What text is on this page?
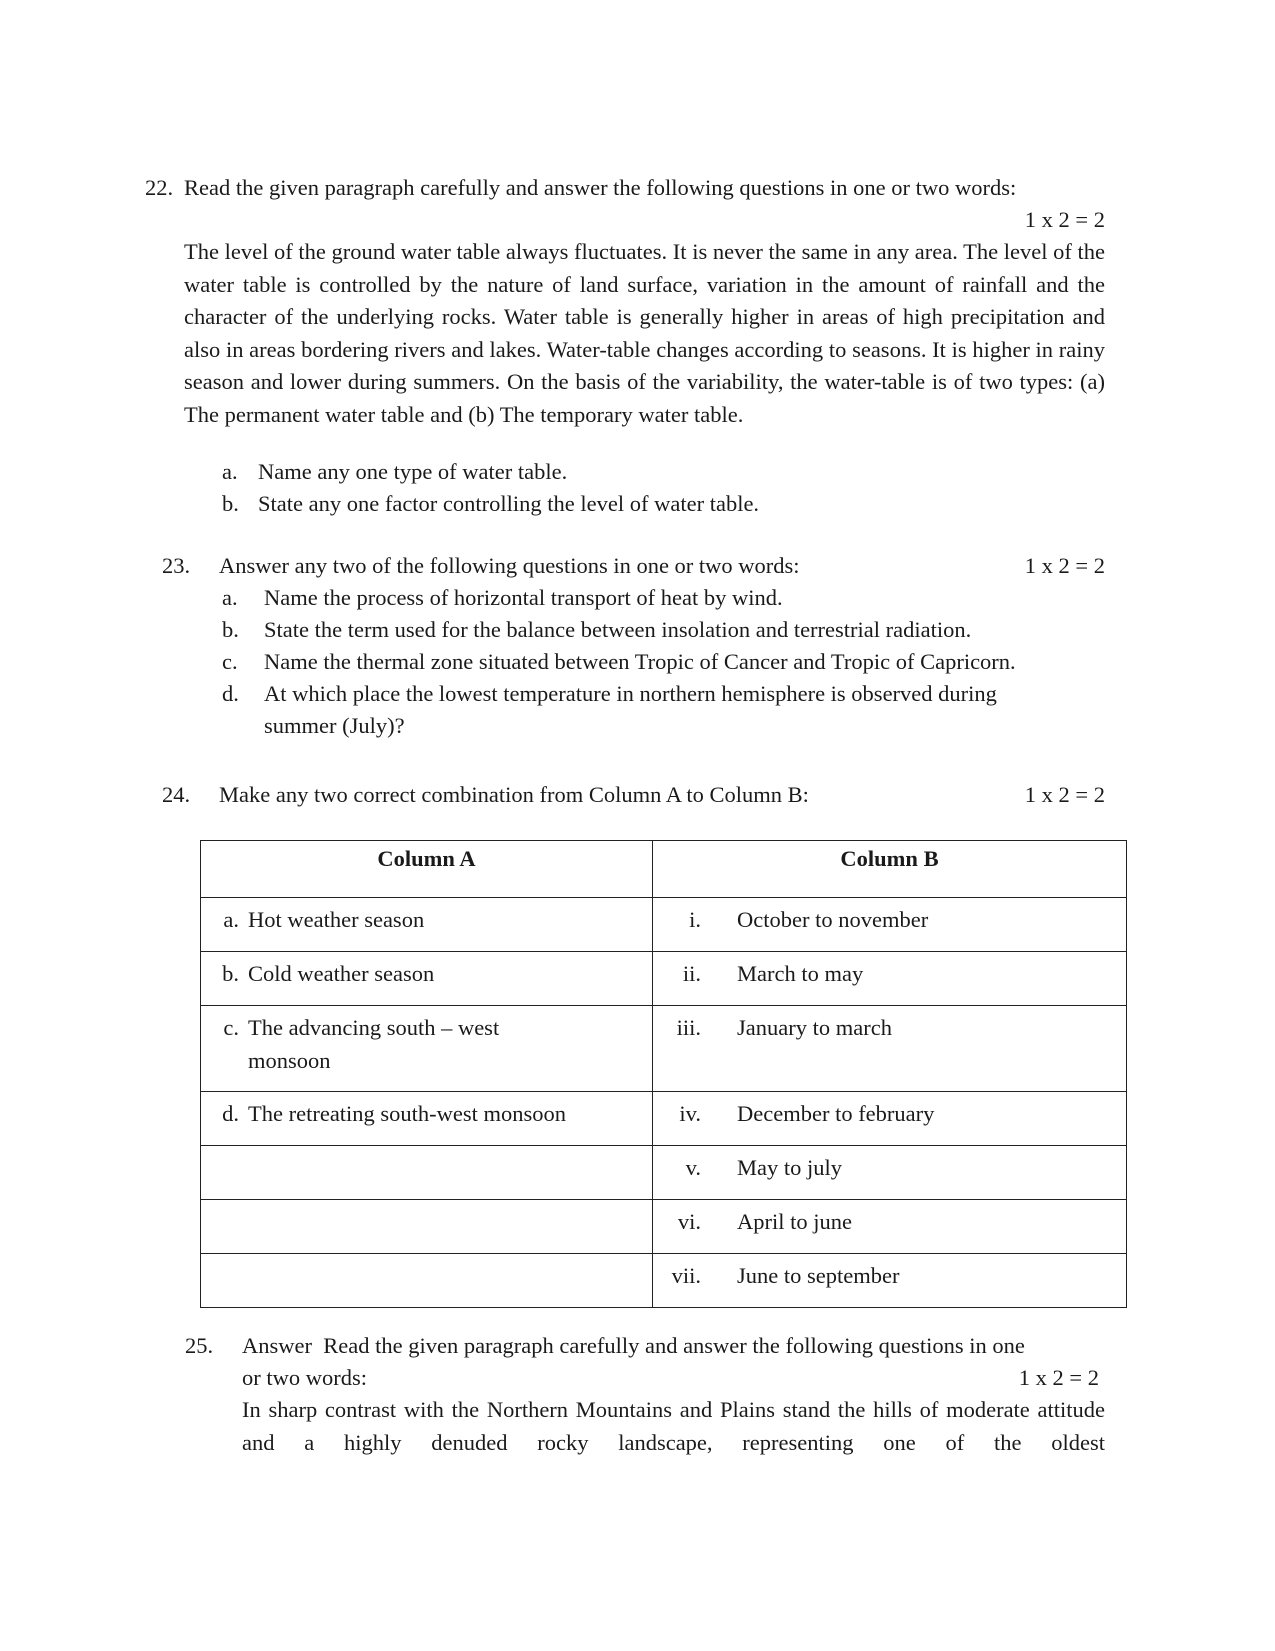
22. Read the given paragraph carefully and answer the following questions in one or two words:
1 x 2 = 2
The level of the ground water table always fluctuates. It is never the same in any area. The level of the water table is controlled by the nature of land surface, variation in the amount of rainfall and the character of the underlying rocks. Water table is generally higher in areas of high precipitation and also in areas bordering rivers and lakes. Water-table changes according to seasons. It is higher in rainy season and lower during summers. On the basis of the variability, the water-table is of two types: (a) The permanent water table and (b) The temporary water table.
a. Name any one type of water table.
b. State any one factor controlling the level of water table.
23. Answer any two of the following questions in one or two words:	1 x 2 = 2
a. Name the process of horizontal transport of heat by wind.
b. State the term used for the balance between insolation and terrestrial radiation.
c. Name the thermal zone situated between Tropic of Cancer and Tropic of Capricorn.
d. At which place the lowest temperature in northern hemisphere is observed during
summer (July)?
24. Make any two correct combination from Column A to Column B:	1 x 2 = 2
Column A	Column B

a. Hot weather season	i. October to november

b. Cold weather season	ii. March to may

c. The advancing south – west monsoon	iii. January to march

d. The retreating south-west monsoon	iv. December to february

	v. May to july

	vi. April to june

	vii. June to september
25. Answer  Read the given paragraph carefully and answer the following questions in one
or two words:	1 x 2 = 2
In sharp contrast with the Northern Mountains and Plains stand the hills of moderate attitude and a highly denuded rocky landscape, representing one of the oldest
